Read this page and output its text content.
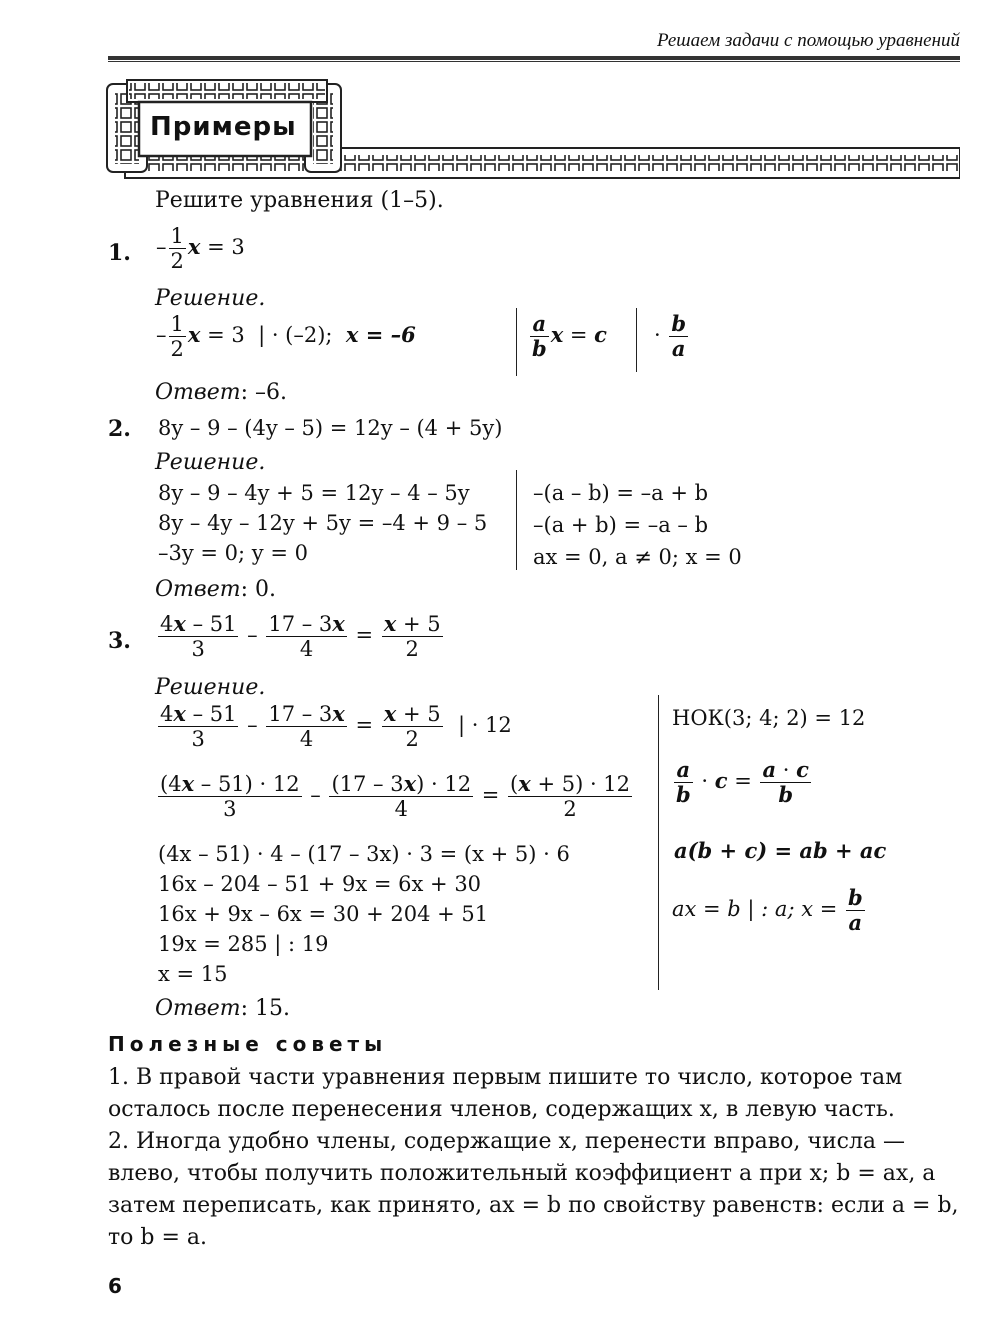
Решаем задачи с помощью уравнений
Примеры
Решите уравнения (1–5).
1. – $\frac{1}{2}$ x = 3
Решение.
– $\frac{1}{2}$ x = 3  | · (–2); x = –6	$\frac{a}{b}$ $x = c \cdot \frac{b}{a}$
Ответ: –6.
2. 8y – 9 – (4y – 5) = 12y – (4 + 5y)
Решение.
8y – 9 – 4y + 5 = 12y – 4 – 5y
8y – 4y – 12y + 5y = –4 + 9 – 5
–3y = 0; y = 0
–(a – b) = –a + b
–(a + b) = –a – b
ax = 0, a ≠ 0; x = 0
Ответ: 0.
3. $\frac{4x - 51}{3} - \frac{17 - 3x}{4} = \frac{x + 5}{2}$
Решение.
$\frac{4x - 51}{3} - \frac{17 - 3x}{4} = \frac{x + 5}{2}$ | · 12
$\frac{(4x - 51) \cdot 12}{3} - \frac{(17 - 3x) \cdot 12}{4} = \frac{(x + 5) \cdot 12}{2}$
(4x – 51) · 4 – (17 – 3x) · 3 = (x + 5) · 6
16x – 204 – 51 + 9x = 6x + 30
16x + 9x – 6x = 30 + 204 + 51
19x = 285 | : 19
x = 15
НОК(3; 4; 2) = 12
$\frac{a}{b} \cdot c = \frac{a \cdot c}{b}$
a(b + c) = ab + ac
ax = b | : a; $x = \frac{b}{a}$
Ответ: 15.
Полезные советы
1. В правой части уравнения первым пишите то число, которое там осталось после перенесения членов, содержащих x, в левую часть.
2. Иногда удобно члены, содержащие x, перенести вправо, числа — влево, чтобы получить положительный коэффициент a при x; b = ax, а затем переписать, как принято, ax = b по свойству равенств: если a = b, то b = a.
6
